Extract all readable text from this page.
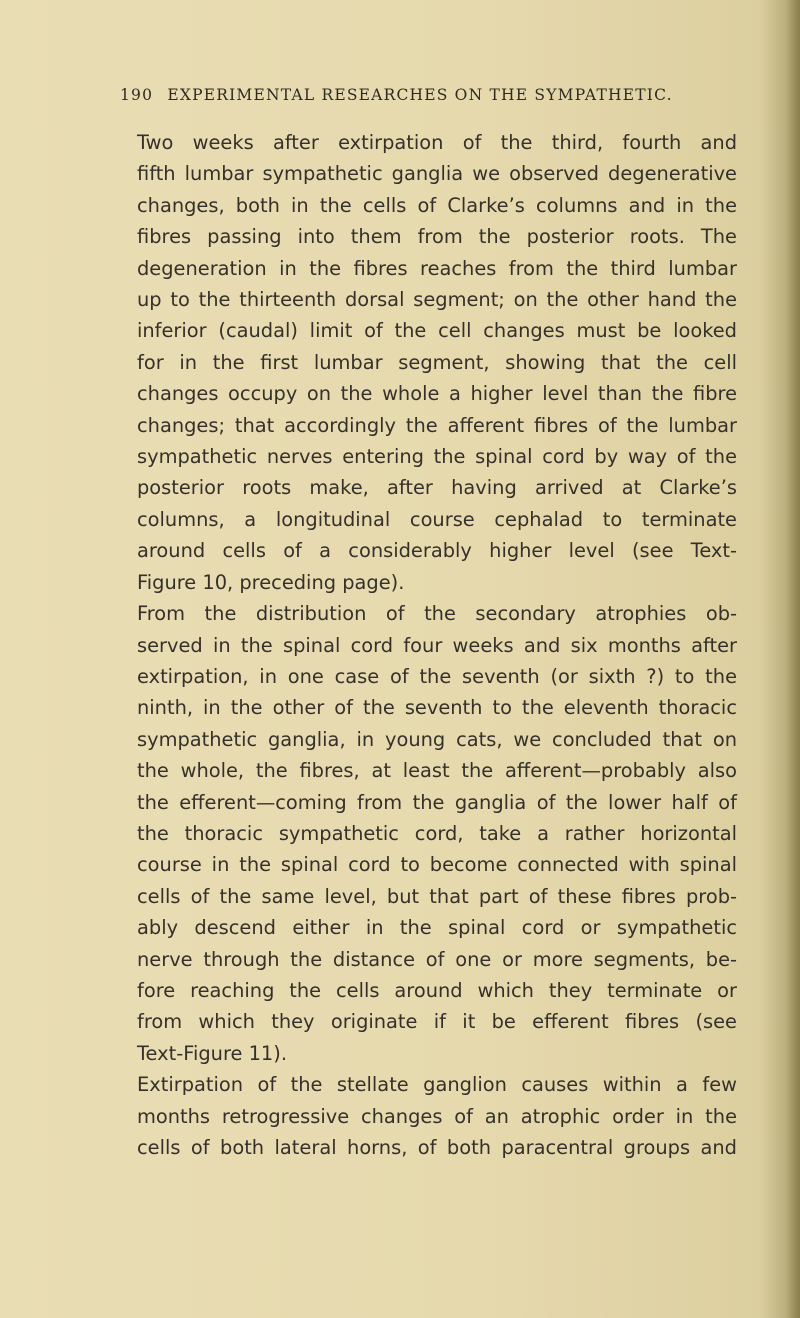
190 EXPERIMENTAL RESEARCHES ON THE SYMPATHETIC.
Two weeks after extirpation of the third, fourth and
fifth lumbar sympathetic ganglia we observed degenerative
changes, both in the cells of Clarke’s columns and in the
fibres passing into them from the posterior roots. The
degeneration in the fibres reaches from the third lumbar
up to the thirteenth dorsal segment; on the other hand the
inferior (caudal) limit of the cell changes must be looked
for in the first lumbar segment, showing that the cell
changes occupy on the whole a higher level than the fibre
changes; that accordingly the afferent fibres of the lumbar
sympathetic nerves entering the spinal cord by way of the
posterior roots make, after having arrived at Clarke’s
columns, a longitudinal course cephalad to terminate
around cells of a considerably higher level (see Text-
Figure 10, preceding page).
From the distribution of the secondary atrophies ob-
served in the spinal cord four weeks and six months after
extirpation, in one case of the seventh (or sixth ?) to the
ninth, in the other of the seventh to the eleventh thoracic
sympathetic ganglia, in young cats, we concluded that on
the whole, the fibres, at least the afferent—probably also
the efferent—coming from the ganglia of the lower half of
the thoracic sympathetic cord, take a rather horizontal
course in the spinal cord to become connected with spinal
cells of the same level, but that part of these fibres prob-
ably descend either in the spinal cord or sympathetic
nerve through the distance of one or more segments, be-
fore reaching the cells around which they terminate or
from which they originate if it be efferent fibres (see
Text-Figure 11).
Extirpation of the stellate ganglion causes within a few
months retrogressive changes of an atrophic order in the
cells of both lateral horns, of both paracentral groups and
